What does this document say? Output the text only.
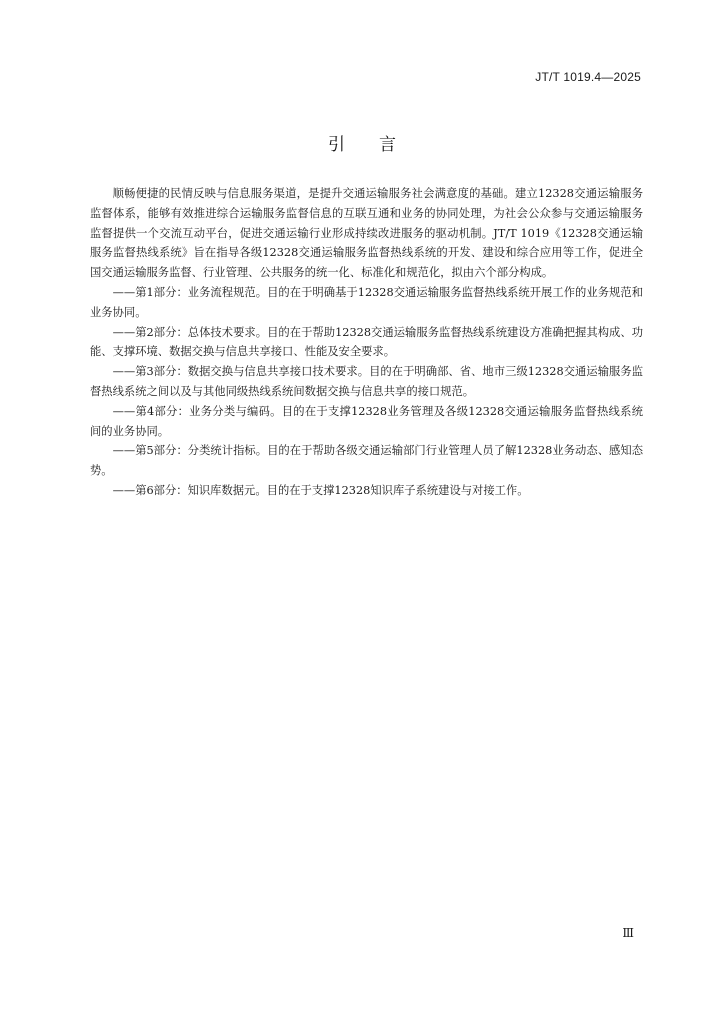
JT/T 1019.4—2025
引言

顺畅便捷的民情反映与信息服务渠道，是提升交通运输服务社会满意度的基础。建立12328交通运输服务监督体系，能够有效推进综合运输服务监督信息的互联互通和业务的协同处理，为社会公众参与交通运输服务监督提供一个交流互动平台，促进交通运输行业形成持续改进服务的驱动机制。JT/T 1019《12328交通运输服务监督热线系统》旨在指导各级12328交通运输服务监督热线系统的开发、建设和综合应用等工作，促进全国交通运输服务监督、行业管理、公共服务的统一化、标准化和规范化，拟由六个部分构成。

——第1部分：业务流程规范。目的在于明确基于12328交通运输服务监督热线系统开展工作的业务规范和业务协同。

——第2部分：总体技术要求。目的在于帮助12328交通运输服务监督热线系统建设方准确把握其构成、功能、支撑环境、数据交换与信息共享接口、性能及安全要求。

——第3部分：数据交换与信息共享接口技术要求。目的在于明确部、省、地市三级12328交通运输服务监督热线系统之间以及与其他同级热线系统间数据交换与信息共享的接口规范。

——第4部分：业务分类与编码。目的在于支撑12328业务管理及各级12328交通运输服务监督热线系统间的业务协同。

——第5部分：分类统计指标。目的在于帮助各级交通运输部门行业管理人员了解12328业务动态、感知态势。

——第6部分：知识库数据元。目的在于支撑12328知识库子系统建设与对接工作。

Ⅲ
